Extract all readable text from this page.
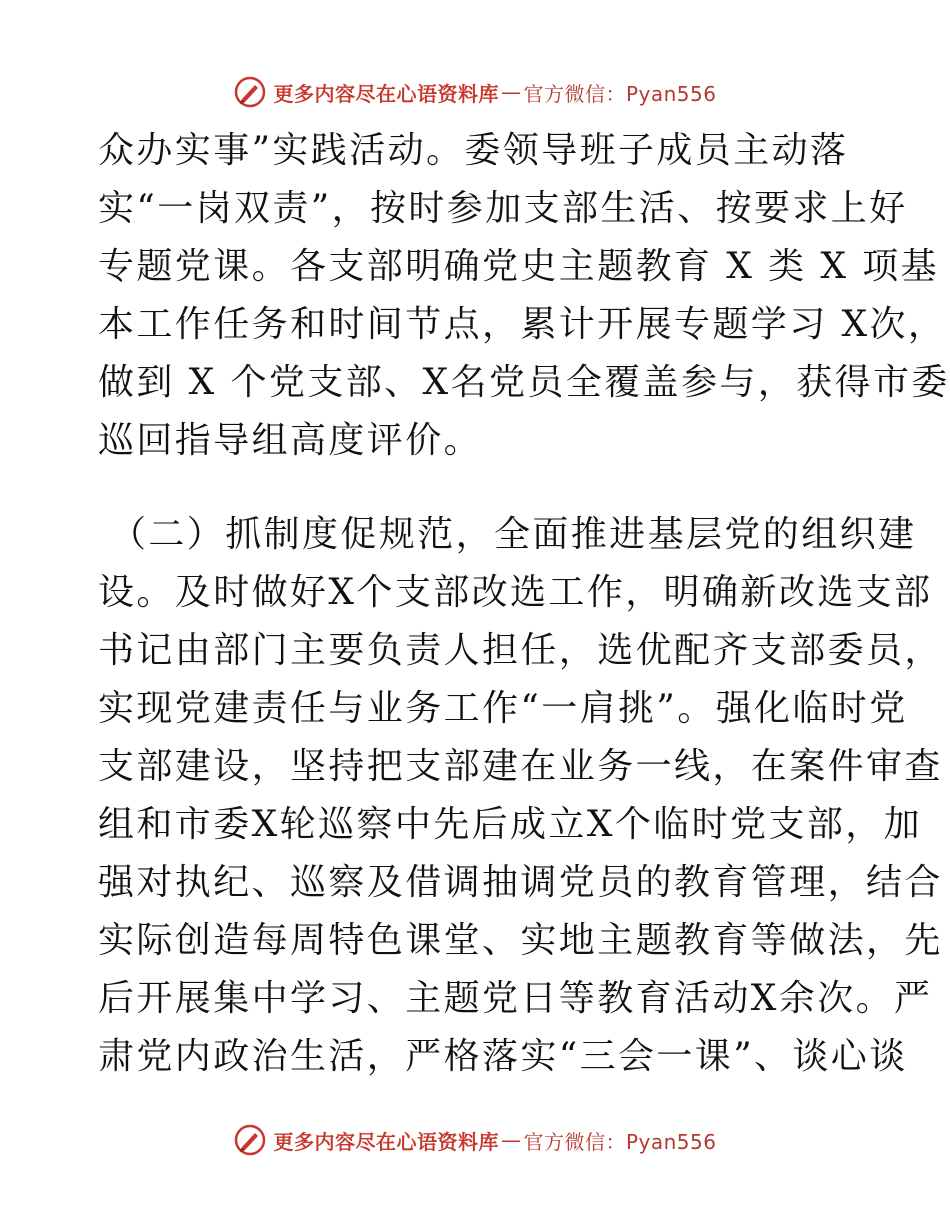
更多内容尽在心语资料库 — 官方微信：Pyan556
众办实事”实践活动。委领导班子成员主动落
实“一岗双责”，按时参加支部生活、按要求上好
专题党课。各支部明确党史主题教育 X 类 X 项基
本工作任务和时间节点，累计开展专题学习 X次，
做到 X 个党支部、X名党员全覆盖参与，获得市委
巡回指导组高度评价。
（二）抓制度促规范，全面推进基层党的组织建
设。及时做好X个支部改选工作，明确新改选支部
书记由部门主要负责人担任，选优配齐支部委员，
实现党建责任与业务工作“一肩挑”。强化临时党
支部建设，坚持把支部建在业务一线，在案件审查
组和市委X轮巡察中先后成立X个临时党支部，加
强对执纪、巡察及借调抽调党员的教育管理，结合
实际创造每周特色课堂、实地主题教育等做法，先
后开展集中学习、主题党日等教育活动X余次。严
肃党内政治生活，严格落实“三会一课”、谈心谈
更多内容尽在心语资料库 — 官方微信：Pyan556
